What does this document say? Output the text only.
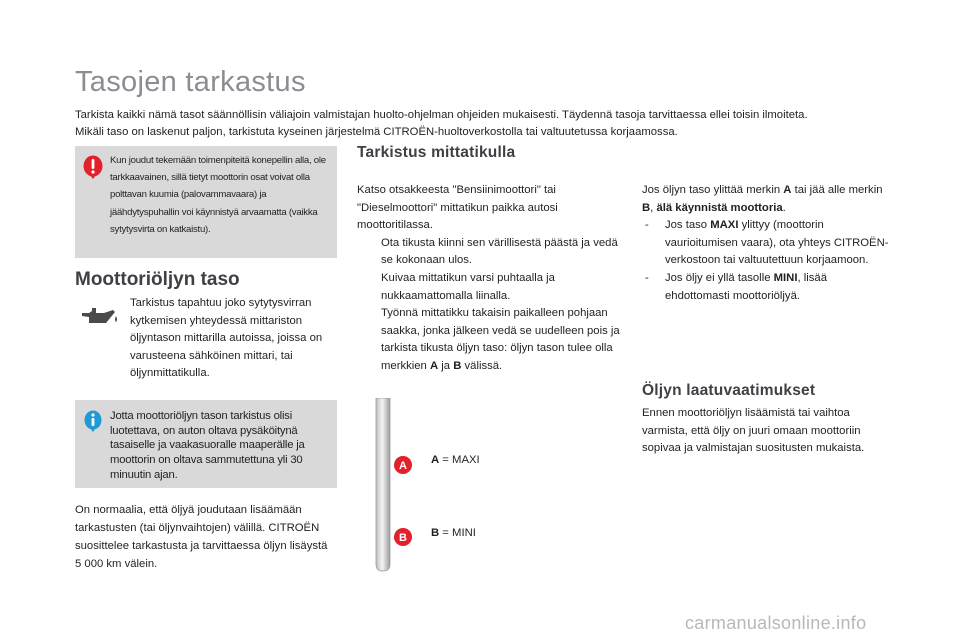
Tasojen tarkastus

Tarkista kaikki nämä tasot säännöllisin väliajoin valmistajan huolto-ohjelman ohjeiden mukaisesti. Täydennä tasoja tarvittaessa ellei toisin ilmoiteta.

Mikäli taso on laskenut paljon, tarkistuta kyseinen järjestelmä CITROËN-huoltoverkostolla tai valtuutetussa korjaamossa.

Kun joudut tekemään toimenpiteitä konepellin alla, ole tarkkaavainen, sillä tietyt moottorin osat voivat olla polttavan kuumia (palovammavaara) ja jäähdytyspuhallin voi käynnistyä arvaamatta (vaikka sytytysvirta on katkaistu).
Moottoriöljyn taso
Tarkistus tapahtuu joko sytytysvirran kytkemisen yhteydessä mittariston öljyntason mittarilla autoissa, joissa on varusteena sähköinen mittari, tai öljynmittatikulla.
Jotta moottoriöljyn tason tarkistus olisi luotettava, on auton oltava pysäköitynä tasaiselle ja vaakasuoralle maaperälle ja moottorin on oltava sammutettuna yli 30 minuutin ajan.

On normaalia, että öljyä joudutaan lisäämään tarkastusten (tai öljynvaihtojen) välillä. CITROËN suosittelee tarkastusta ja tarvittaessa öljyn lisäystä 5 000 km välein.

Tarkistus mittatikulla

Katso otsakkeesta "Bensiinimoottori" tai "Dieselmoottori" mittatikun paikka autosi moottoritilassa.

Ota tikusta kiinni sen värillisestä päästä ja vedä se kokonaan ulos.
Kuivaa mittatikun varsi puhtaalla ja nukkaamattomalla liinalla.
Työnnä mittatikku takaisin paikalleen pohjaan saakka, jonka jälkeen vedä se uudelleen pois ja tarkista tikusta öljyn taso: öljyn tason tulee olla merkkien A ja B välissä.
A
B
A = MAXI
B = MINI

Jos öljyn taso ylittää merkin A tai jää alle merkin B, älä käynnistä moottoria.

- Jos taso MAXI ylittyy (moottorin vaurioitumisen vaara), ota yhteys CITROËN-verkostoon tai valtuutettuun korjaamoon.
- Jos öljy ei yllä tasolle MINI, lisää ehdottomasti moottoriöljyä.
Öljyn laatuvaatimukset
Ennen moottoriöljyn lisäämistä tai vaihtoa varmista, että öljy on juuri omaan moottoriin sopivaa ja valmistajan suositusten mukaista.
carmanualsonline.info
